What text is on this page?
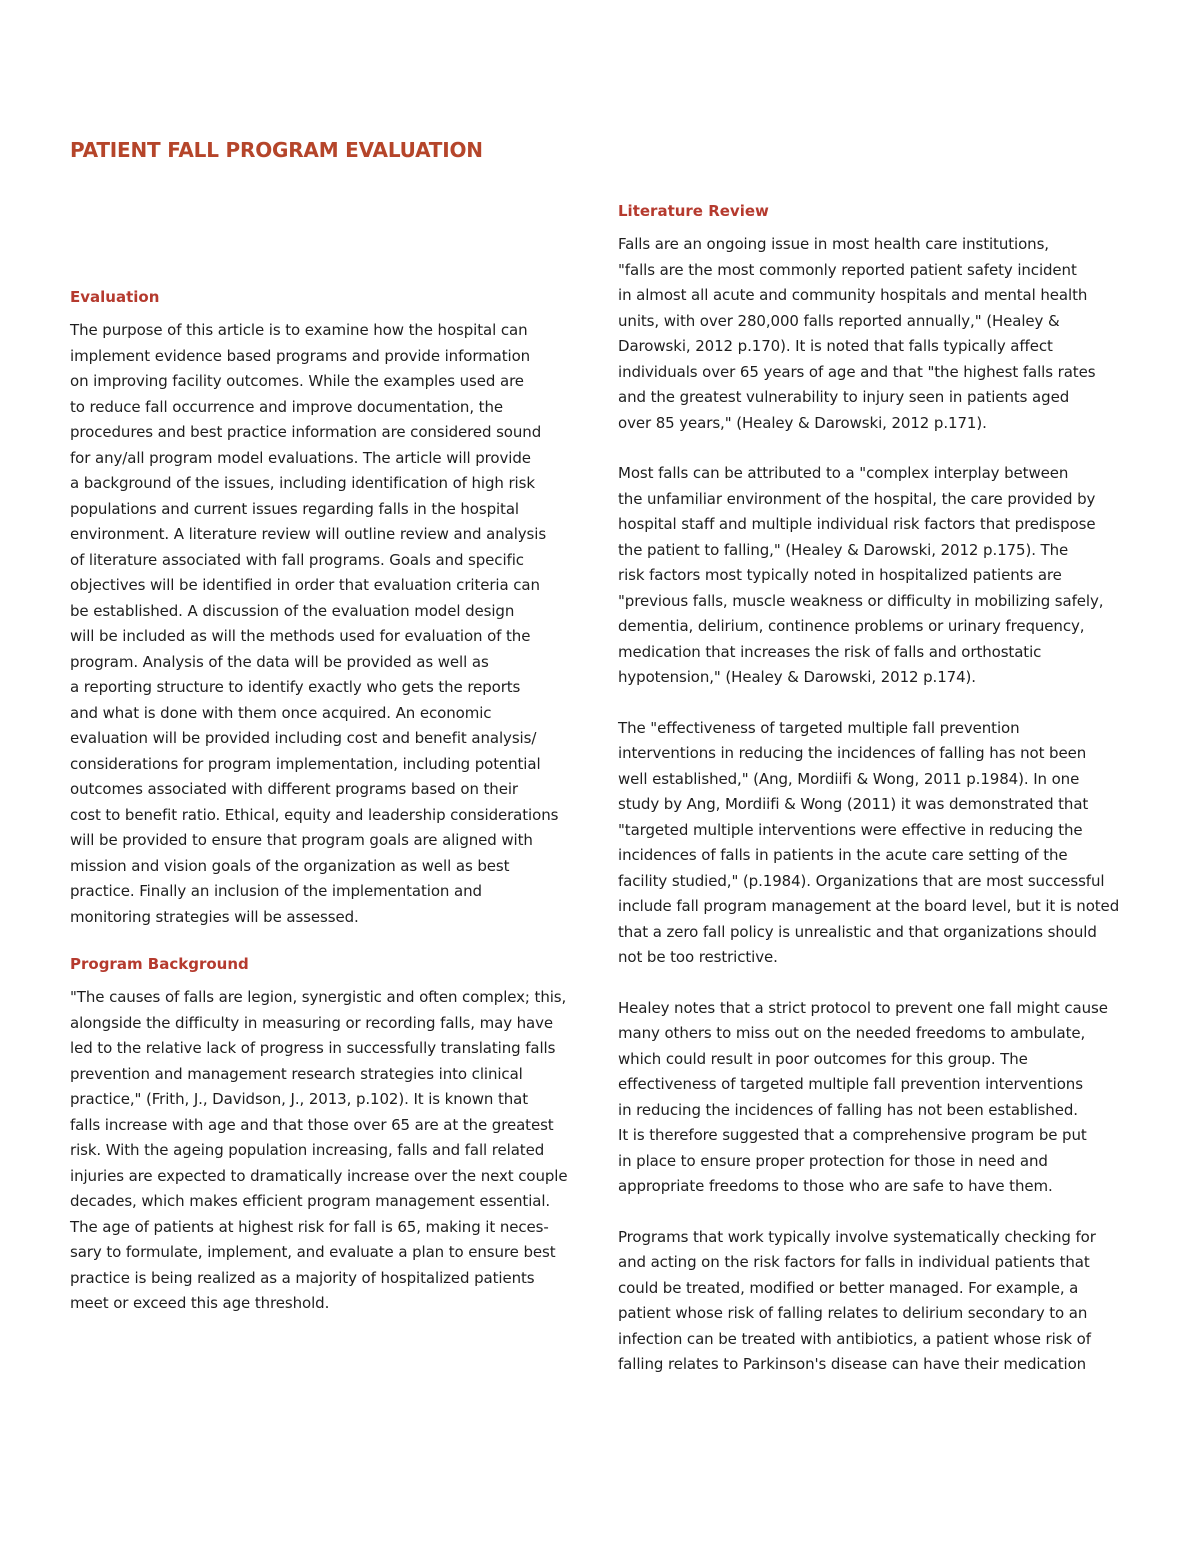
PATIENT FALL PROGRAM EVALUATION
Evaluation

The purpose of this article is to examine how the hospital can
implement evidence based programs and provide information
on improving facility outcomes. While the examples used are
to reduce fall occurrence and improve documentation, the
procedures and best practice information are considered sound
for any/all program model evaluations. The article will provide
a background of the issues, including identification of high risk
populations and current issues regarding falls in the hospital
environment. A literature review will outline review and analysis
of literature associated with fall programs. Goals and specific
objectives will be identified in order that evaluation criteria can
be established. A discussion of the evaluation model design
will be included as will the methods used for evaluation of the
program. Analysis of the data will be provided as well as
a reporting structure to identify exactly who gets the reports
and what is done with them once acquired. An economic
evaluation will be provided including cost and benefit analysis/
considerations for program implementation, including potential
outcomes associated with different programs based on their
cost to benefit ratio. Ethical, equity and leadership considerations
will be provided to ensure that program goals are aligned with
mission and vision goals of the organization as well as best
practice. Finally an inclusion of the implementation and
monitoring strategies will be assessed.

Program Background

"The causes of falls are legion, synergistic and often complex; this,
alongside the difficulty in measuring or recording falls, may have
led to the relative lack of progress in successfully translating falls
prevention and management research strategies into clinical
practice," (Frith, J., Davidson, J., 2013, p.102). It is known that
falls increase with age and that those over 65 are at the greatest
risk. With the ageing population increasing, falls and fall related
injuries are expected to dramatically increase over the next couple
decades, which makes efficient program management essential.
The age of patients at highest risk for fall is 65, making it neces-
sary to formulate, implement, and evaluate a plan to ensure best
practice is being realized as a majority of hospitalized patients
meet or exceed this age threshold.

Literature Review

Falls are an ongoing issue in most health care institutions,
"falls are the most commonly reported patient safety incident
in almost all acute and community hospitals and mental health
units, with over 280,000 falls reported annually," (Healey &
Darowski, 2012 p.170). It is noted that falls typically affect
individuals over 65 years of age and that "the highest falls rates
and the greatest vulnerability to injury seen in patients aged
over 85 years," (Healey & Darowski, 2012 p.171).

Most falls can be attributed to a "complex interplay between
the unfamiliar environment of the hospital, the care provided by
hospital staff and multiple individual risk factors that predispose
the patient to falling," (Healey & Darowski, 2012 p.175). The
risk factors most typically noted in hospitalized patients are
"previous falls, muscle weakness or difficulty in mobilizing safely,
dementia, delirium, continence problems or urinary frequency,
medication that increases the risk of falls and orthostatic
hypotension," (Healey & Darowski, 2012 p.174).

The "effectiveness of targeted multiple fall prevention
interventions in reducing the incidences of falling has not been
well established," (Ang, Mordiifi & Wong, 2011 p.1984). In one
study by Ang, Mordiifi & Wong (2011) it was demonstrated that
"targeted multiple interventions were effective in reducing the
incidences of falls in patients in the acute care setting of the
facility studied," (p.1984). Organizations that are most successful
include fall program management at the board level, but it is noted
that a zero fall policy is unrealistic and that organizations should
not be too restrictive.

Healey notes that a strict protocol to prevent one fall might cause
many others to miss out on the needed freedoms to ambulate,
which could result in poor outcomes for this group. The
effectiveness of targeted multiple fall prevention interventions
in reducing the incidences of falling has not been established.
It is therefore suggested that a comprehensive program be put
in place to ensure proper protection for those in need and
appropriate freedoms to those who are safe to have them.

Programs that work typically involve systematically checking for
and acting on the risk factors for falls in individual patients that
could be treated, modified or better managed. For example, a
patient whose risk of falling relates to delirium secondary to an
infection can be treated with antibiotics, a patient whose risk of
falling relates to Parkinson's disease can have their medication
